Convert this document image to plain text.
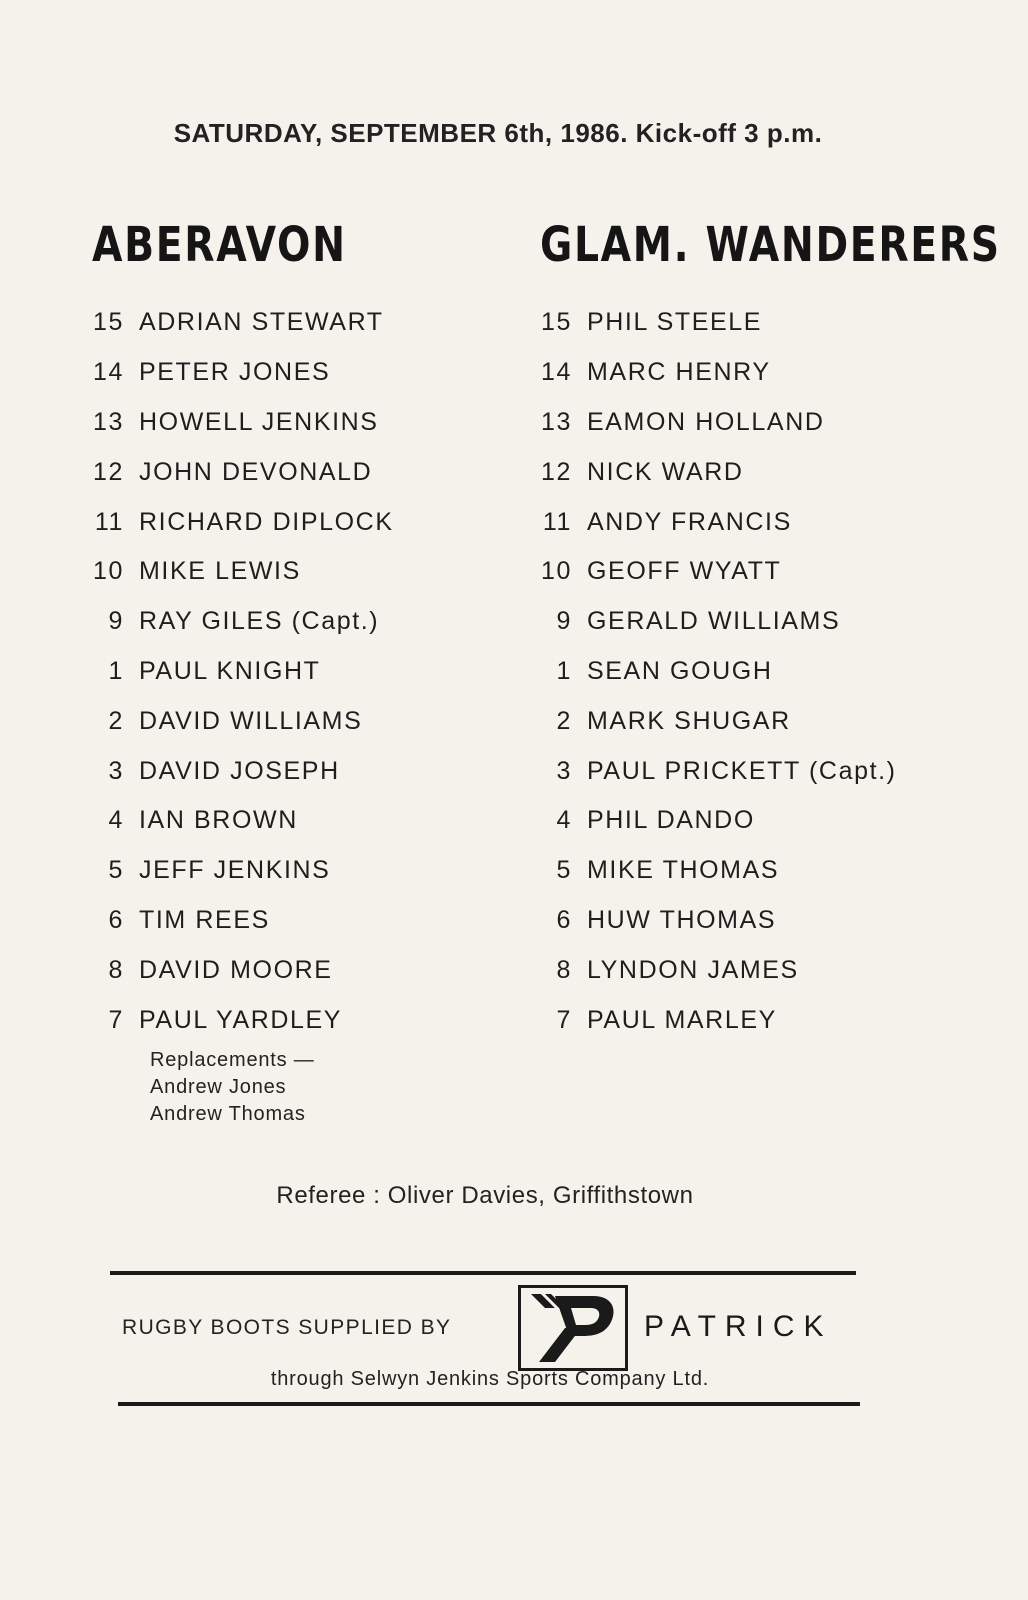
SATURDAY, SEPTEMBER 6th, 1986. Kick-off 3 p.m.
ABERAVON
15 ADRIAN STEWART
14 PETER JONES
13 HOWELL JENKINS
12 JOHN DEVONALD
11 RICHARD DIPLOCK
10 MIKE LEWIS
9 RAY GILES (Capt.)
1 PAUL KNIGHT
2 DAVID WILLIAMS
3 DAVID JOSEPH
4 IAN BROWN
5 JEFF JENKINS
6 TIM REES
8 DAVID MOORE
7 PAUL YARDLEY
GLAM. WANDERERS
15 PHIL STEELE
14 MARC HENRY
13 EAMON HOLLAND
12 NICK WARD
11 ANDY FRANCIS
10 GEOFF WYATT
9 GERALD WILLIAMS
1 SEAN GOUGH
2 MARK SHUGAR
3 PAUL PRICKETT (Capt.)
4 PHIL DANDO
5 MIKE THOMAS
6 HUW THOMAS
8 LYNDON JAMES
7 PAUL MARLEY
Replacements —
Andrew Jones
Andrew Thomas
Referee : Oliver Davies, Griffithstown
RUGBY BOOTS SUPPLIED BY	PATRICK
through Selwyn Jenkins Sports Company Ltd.
